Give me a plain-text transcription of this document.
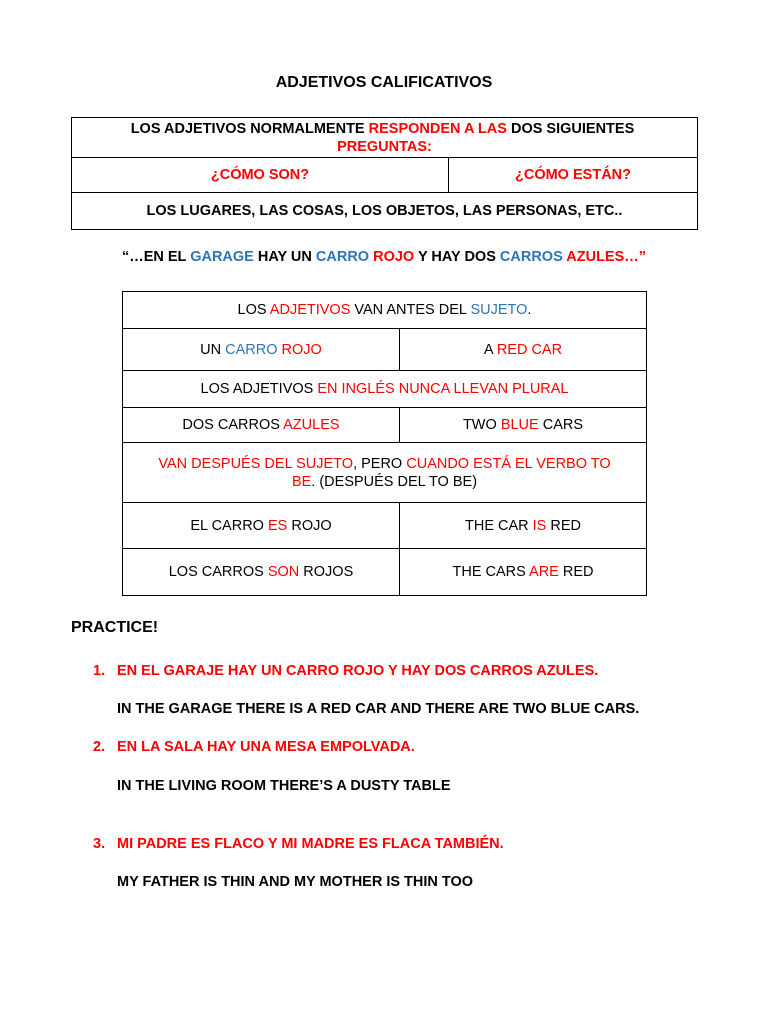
ADJETIVOS CALIFICATIVOS
LOS ADJETIVOS NORMALMENTE RESPONDEN A LAS DOS SIGUIENTES
PREGUNTAS:
¿CÓMO SON?	¿CÓMO ESTÁN?
LOS LUGARES, LAS COSAS, LOS OBJETOS, LAS PERSONAS, ETC..
“…EN EL GARAGE HAY UN CARRO ROJO Y HAY DOS CARROS AZULES…”
LOS ADJETIVOS VAN ANTES DEL SUJETO.	
UN CARRO ROJO	A RED CAR
LOS ADJETIVOS EN INGLÉS NUNCA LLEVAN PLURAL	
DOS CARROS AZULES	TWO BLUE CARS
VAN DESPUÉS DEL SUJETO, PERO CUANDO ESTÁ EL VERBO TO BE. (DESPUÉS DEL TO BE)	
EL CARRO ES ROJO	THE CAR IS RED
LOS CARROS SON ROJOS	THE CARS ARE RED
PRACTICE!
1. EN EL GARAJE HAY UN CARRO ROJO Y HAY DOS CARROS AZULES.
IN THE GARAGE THERE IS A RED CAR AND THERE ARE TWO BLUE CARS.
2. EN LA SALA HAY UNA MESA EMPOLVADA.
IN THE LIVING ROOM THERE’S A DUSTY TABLE
3. MI PADRE ES FLACO Y MI MADRE ES FLACA TAMBIÉN.
MY FATHER IS THIN AND MY MOTHER IS THIN TOO
